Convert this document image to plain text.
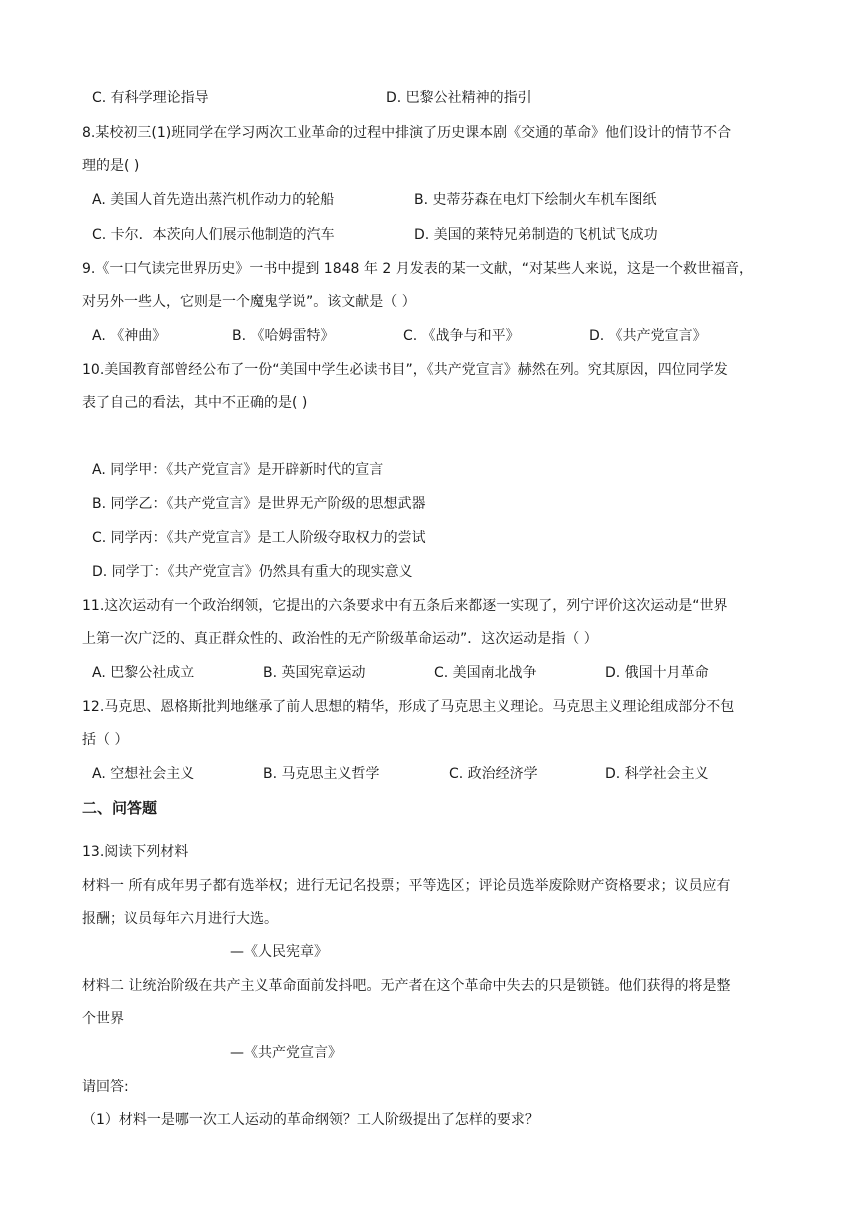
C. 有科学理论指导	D. 巴黎公社精神的指引
8.某校初三(1)班同学在学习两次工业革命的过程中排演了历史课本剧《交通的革命》他们设计的情节不合
理的是( )
A. 美国人首先造出蒸汽机作动力的轮船	B. 史蒂芬森在电灯下绘制火车机车图纸
C. 卡尔．本茨向人们展示他制造的汽车	D. 美国的莱特兄弟制造的飞机试飞成功
9.《一口气读完世界历史》一书中提到 1848 年 2 月发表的某一文献，“对某些人来说，这是一个救世福音，
对另外一些人，它则是一个魔鬼学说”。该文献是（ ）
A. 《神曲》	B. 《哈姆雷特》	C. 《战争与和平》	D. 《共产党宣言》
10.美国教育部曾经公布了一份“美国中学生必读书目”，《共产党宣言》赫然在列。究其原因，四位同学发
表了自己的看法，其中不正确的是( )
A. 同学甲：《共产党宣言》是开辟新时代的宣言
B. 同学乙：《共产党宣言》是世界无产阶级的思想武器
C. 同学丙：《共产党宣言》是工人阶级夺取权力的尝试
D. 同学丁：《共产党宣言》仍然具有重大的现实意义
11.这次运动有一个政治纲领，它提出的六条要求中有五条后来都逐一实现了，列宁评价这次运动是“世界
上第一次广泛的、真正群众性的、政治性的无产阶级革命运动”．这次运动是指（ ）
A. 巴黎公社成立	B. 英国宪章运动	C. 美国南北战争	D. 俄国十月革命
12.马克思、恩格斯批判地继承了前人思想的精华，形成了马克思主义理论。马克思主义理论组成部分不包
括（ ）
A. 空想社会主义	B. 马克思主义哲学	C. 政治经济学	D. 科学社会主义
二、问答题
13.阅读下列材料
材料一 所有成年男子都有选举权；进行无记名投票；平等选区；评论员选举废除财产资格要求；议员应有
报酬；议员每年六月进行大选。
—《人民宪章》
材料二 让统治阶级在共产主义革命面前发抖吧。无产者在这个革命中失去的只是锁链。他们获得的将是整
个世界
—《共产党宣言》
请回答:
（1）材料一是哪一次工人运动的革命纲领？工人阶级提出了怎样的要求？
